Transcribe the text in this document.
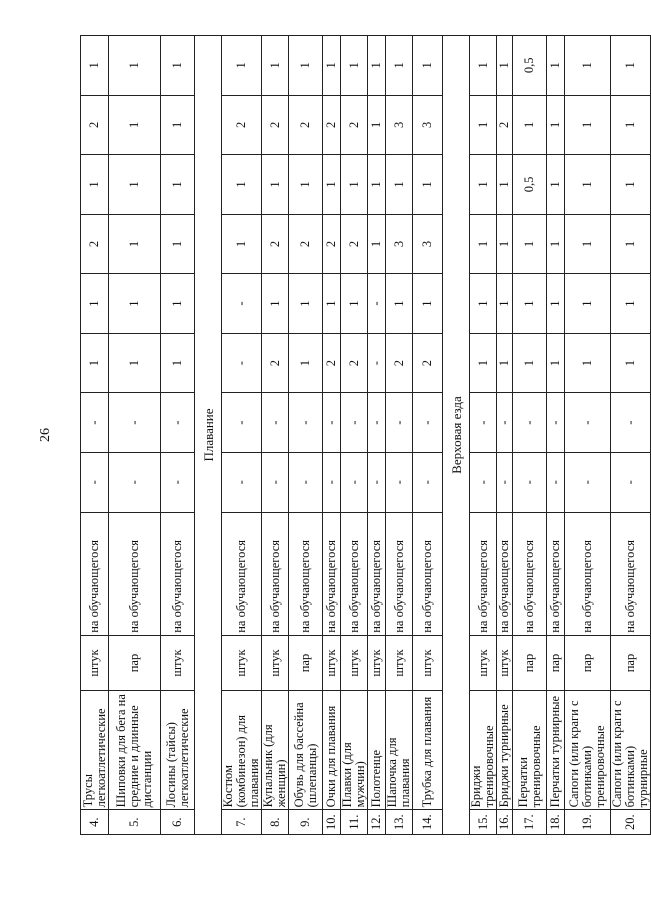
26
4.	Трусы легкоатлетические	штук	на обучающегося	-	-	1	1	2	1	2	1
5.	Шиповки для бега на средние и длинные дистанции	пар	на обучающегося	-	-	1	1	1	1	1	1
6.	Лосины (тайсы) легкоатлетические	штук	на обучающегося	-	-	1	1	1	1	1	1
Плавание											
7.	Костюм (комбинезон) для плавания	штук	на обучающегося	-	-	-	-	1	1	2	1
8.	Купальник (для женщин)	штук	на обучающегося	-	-	2	1	2	1	2	1
9.	Обувь для бассейна (шлепанцы)	пар	на обучающегося	-	-	1	1	2	1	2	1
10.	Очки для плавания	штук	на обучающегося	-	-	2	1	2	1	2	1
11.	Плавки (для мужчин)	штук	на обучающегося	-	-	2	1	2	1	2	1
12.	Полотенце	штук	на обучающегося	-	-	-	-	1	1	1	1
13.	Шапочка для плавания	штук	на обучающегося	-	-	2	1	3	1	3	1
14.	Трубка для плавания	штук	на обучающегося	-	-	2	1	3	1	3	1
Верховая езда											
15.	Бриджи тренировочные	штук	на обучающегося	-	-	1	1	1	1	1	1
16.	Бриджи турнирные	штук	на обучающегося	-	-	1	1	1	1	2	1
17.	Перчатки тренировочные	пар	на обучающегося	-	-	1	1	1	0,5	1	0,5
18.	Перчатки турнирные	пар	на обучающегося	-	-	1	1	1	1	1	1
19.	Сапоги (или краги с ботинками) тренировочные	пар	на обучающегося	-	-	1	1	1	1	1	1
20.	Сапоги (или краги с ботинками) турнирные	пар	на обучающегося	-	-	1	1	1	1	1	1
